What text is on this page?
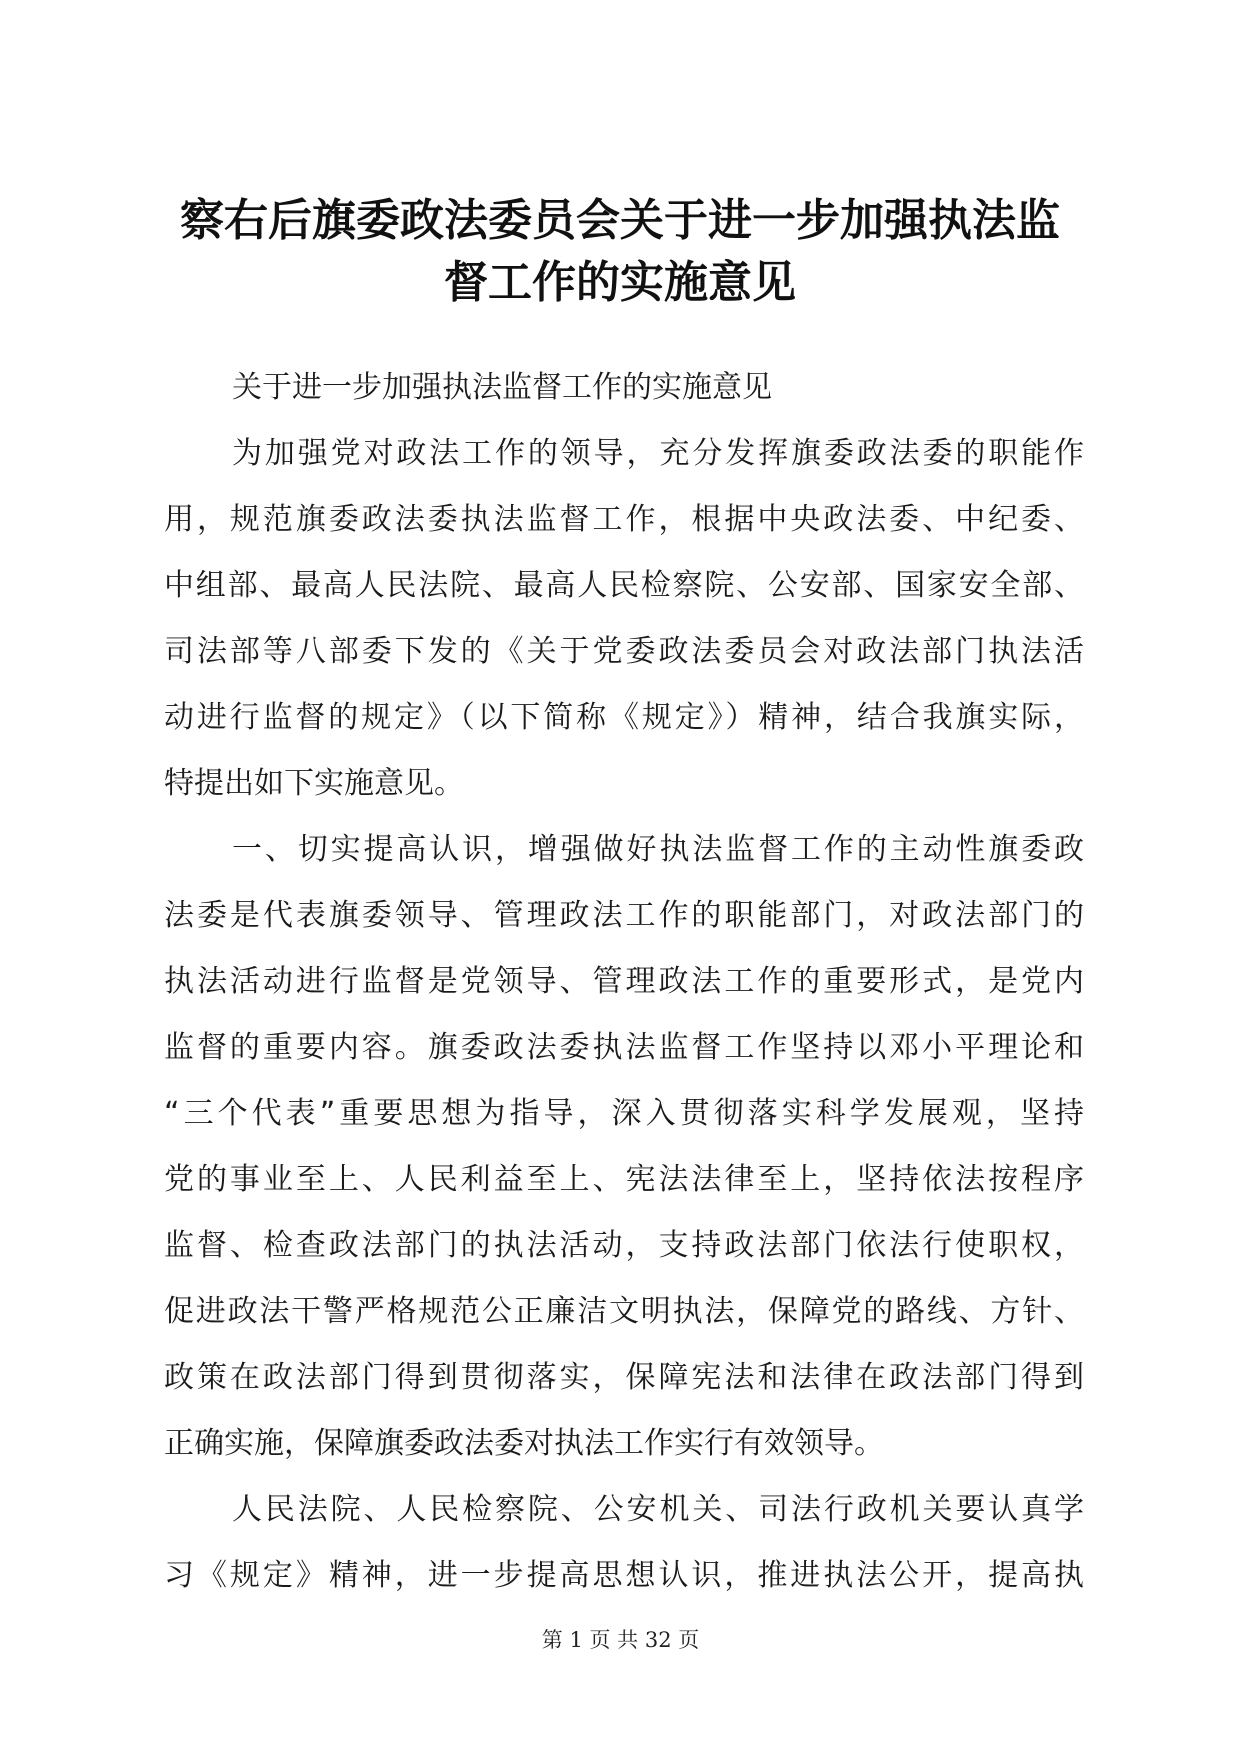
察右后旗委政法委员会关于进一步加强执法监
督工作的实施意见
关于进一步加强执法监督工作的实施意见
为加强党对政法工作的领导，充分发挥旗委政法委的职能作
用，规范旗委政法委执法监督工作，根据中央政法委、中纪委、
中组部、最高人民法院、最高人民检察院、公安部、国家安全部、
司法部等八部委下发的《关于党委政法委员会对政法部门执法活
动进行监督的规定》（以下简称《规定》）精神，结合我旗实际，
特提出如下实施意见。
一、切实提高认识，增强做好执法监督工作的主动性旗委政
法委是代表旗委领导、管理政法工作的职能部门，对政法部门的
执法活动进行监督是党领导、管理政法工作的重要形式，是党内
监督的重要内容。旗委政法委执法监督工作坚持以邓小平理论和
“三个代表”重要思想为指导，深入贯彻落实科学发展观，坚持
党的事业至上、人民利益至上、宪法法律至上，坚持依法按程序
监督、检查政法部门的执法活动，支持政法部门依法行使职权，
促进政法干警严格规范公正廉洁文明执法，保障党的路线、方针、
政策在政法部门得到贯彻落实，保障宪法和法律在政法部门得到
正确实施，保障旗委政法委对执法工作实行有效领导。
人民法院、人民检察院、公安机关、司法行政机关要认真学
习《规定》精神，进一步提高思想认识，推进执法公开，提高执
第 1 页 共 32 页
